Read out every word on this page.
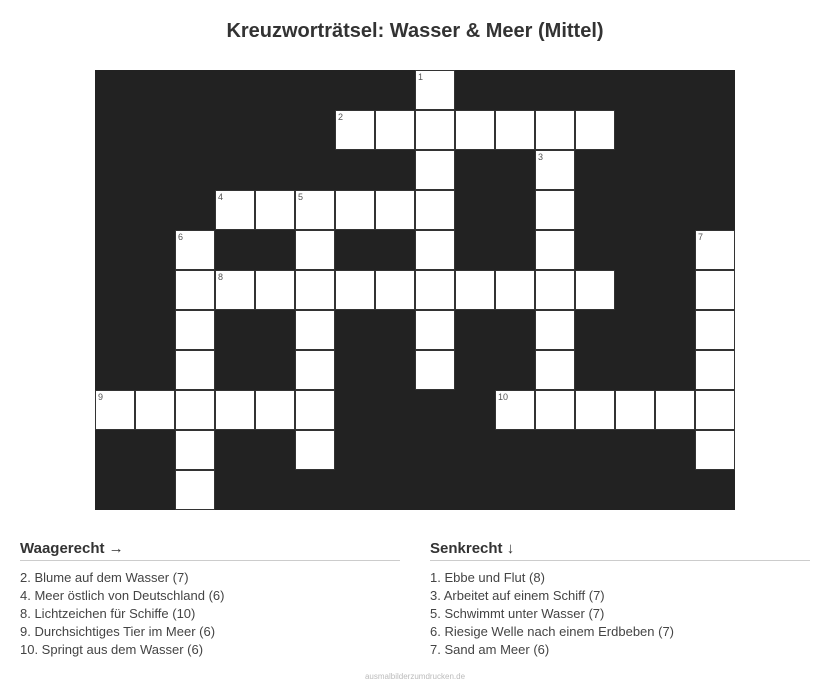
Kreuzworträtsel: Wasser & Meer (Mittel)
1
2
3
4	5
6	7
8
9	10
Waagerecht →
2. Blume auf dem Wasser (7)
4. Meer östlich von Deutschland (6)
8. Lichtzeichen für Schiffe (10)
9. Durchsichtiges Tier im Meer (6)
10. Springt aus dem Wasser (6)
Senkrecht ↓
1. Ebbe und Flut (8)
3. Arbeitet auf einem Schiff (7)
5. Schwimmt unter Wasser (7)
6. Riesige Welle nach einem Erdbeben (7)
7. Sand am Meer (6)
ausmalbilderzumdrucken.de
